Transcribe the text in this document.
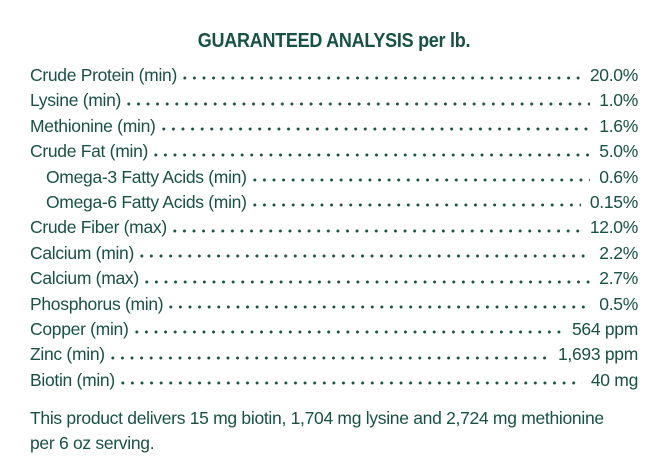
GUARANTEED ANALYSIS per lb.
Crude Protein (min)	20.0%
Lysine (min)	1.0%
Methionine (min)	1.6%
Crude Fat (min)	5.0%
Omega-3 Fatty Acids (min)	0.6%
Omega-6 Fatty Acids (min)	0.15%
Crude Fiber (max)	12.0%
Calcium (min)	2.2%
Calcium (max)	2.7%
Phosphorus (min)	0.5%
Copper (min)	564 ppm
Zinc (min)	1,693 ppm
Biotin (min)	40 mg

This product delivers 15 mg biotin, 1,704 mg lysine and 2,724 mg methionine per 6 oz serving.
